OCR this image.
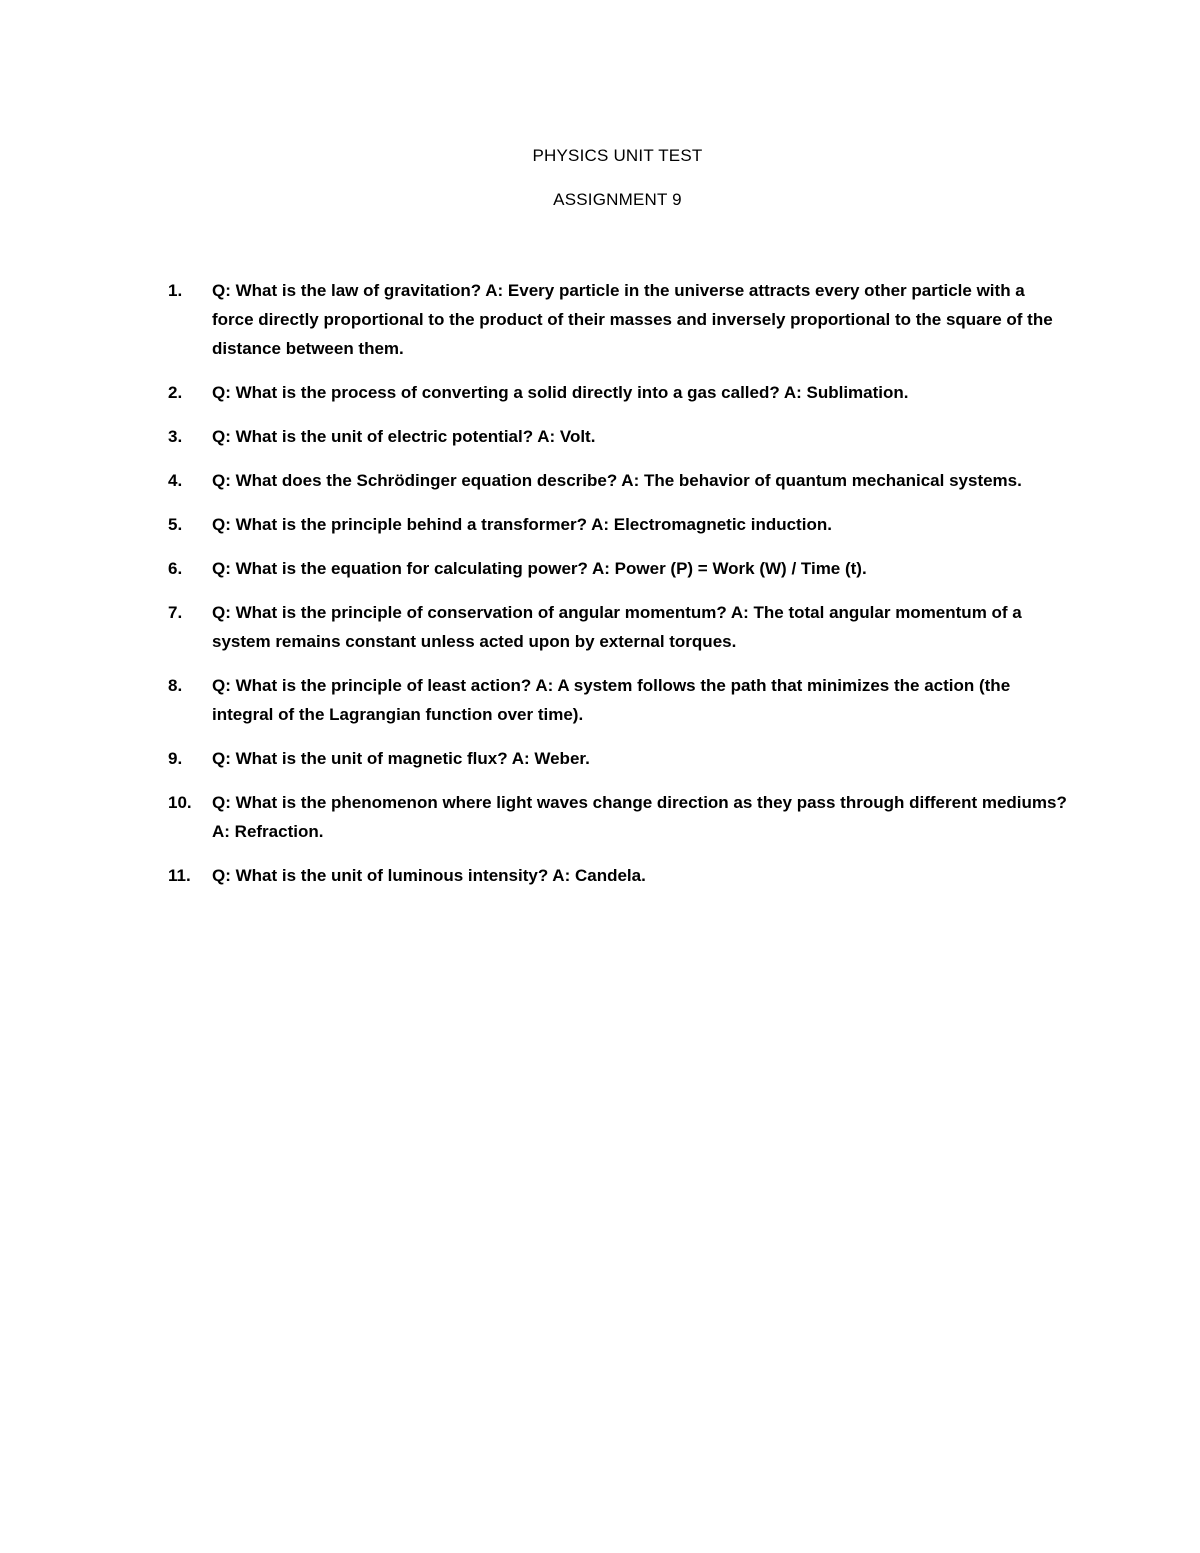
PHYSICS UNIT TEST
ASSIGNMENT 9
1.	Q: What is the law of gravitation? A: Every particle in the universe attracts every other particle with a force directly proportional to the product of their masses and inversely proportional to the square of the distance between them.
2.	Q: What is the process of converting a solid directly into a gas called? A: Sublimation.
3.	Q: What is the unit of electric potential? A: Volt.
4.	Q: What does the Schrödinger equation describe? A: The behavior of quantum mechanical systems.
5.	Q: What is the principle behind a transformer? A: Electromagnetic induction.
6.	Q: What is the equation for calculating power? A: Power (P) = Work (W) / Time (t).
7.	Q: What is the principle of conservation of angular momentum? A: The total angular momentum of a system remains constant unless acted upon by external torques.
8.	Q: What is the principle of least action? A: A system follows the path that minimizes the action (the integral of the Lagrangian function over time).
9.	Q: What is the unit of magnetic flux? A: Weber.
10.	Q: What is the phenomenon where light waves change direction as they pass through different mediums? A: Refraction.
11.	Q: What is the unit of luminous intensity? A: Candela.
